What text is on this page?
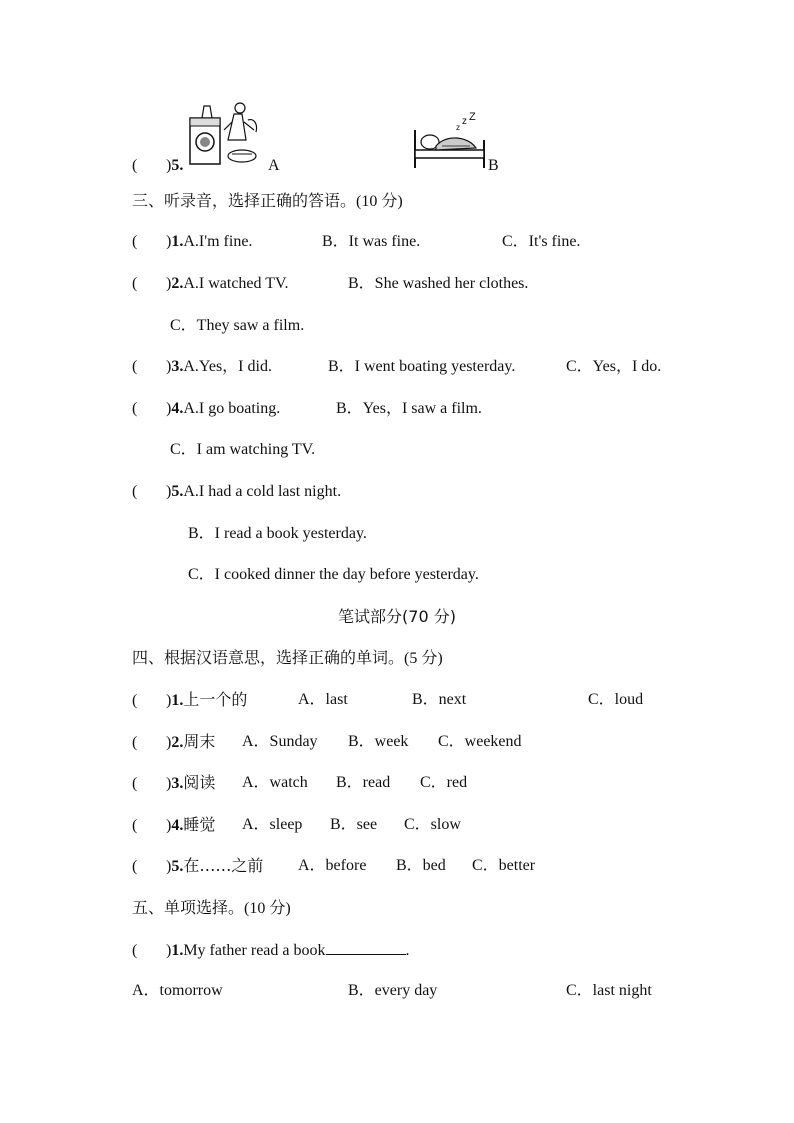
( )5.	A
z
z Z
B
三、听录音，选择正确的答语。(10 分)
( )1.A.I'm fine.	B．It was fine.	C．It's fine.
( )2.A.I watched TV.	B．She washed her clothes.
C．They saw a film.
( )3.A.Yes，I did.	B．I went boating yesterday.	C．Yes，I do.
( )4.A.I go boating.	B．Yes，I saw a film.
C．I am watching TV.
( )5.A.I had a cold last night.
B．I read a book yesterday.
C．I cooked dinner the day before yesterday.
笔试部分(70 分)
四、根据汉语意思，选择正确的单词。(5 分)
( )1.上一个的	A．last	B．next	C．loud
( )2.周末 A．Sunday B．week C．weekend
( )3.阅读 A．watch B．read C．red
( )4.睡觉 A．sleep B．see C．slow
( )5.在……之前 A．before B．bed C．better
五、单项选择。(10 分)
( )1.My father read a book	.
A．tomorrow	B．every day	C．last night
